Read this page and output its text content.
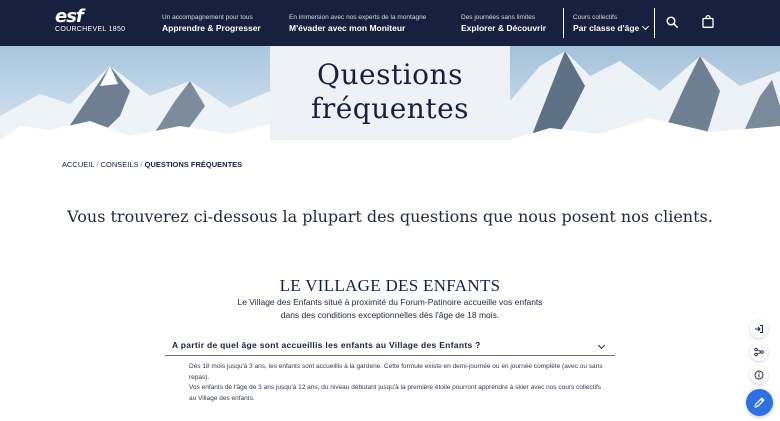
esf
COURCHEVEL 1850
Un accompagnement pour tous
Apprendre & Progresser
En immersion avec nos experts de la montagne
M'évader avec mon Moniteur
Des journées sans limites
Explorer & Découvrir
Cours collectifs
Par classe d'âge
Questions
fréquentes
ACCUEIL / CONSEILS / QUESTIONS FRÉQUENTES
Vous trouverez ci-dessous la plupart des questions que nous posent nos clients.
LE VILLAGE DES ENFANTS
Le Village des Enfants situé à proximité du Forum-Patinoire accueille vos enfants
dans des conditions exceptionnelles dès l'âge de 18 mois.
A partir de quel âge sont accueillis les enfants au Village des Enfants ?
Dès 18 mois jusqu'à 3 ans, les enfants sont accueillis à la garderie. Cette formule existe en demi-journée ou en journée complète (avec ou sans repas).
Vos enfants de l'âge de 3 ans jusqu'à 12 ans, du niveau débutant jusqu'à la première étoile pourront apprendre à skier avec nos cours collectifs au Village des enfants.
